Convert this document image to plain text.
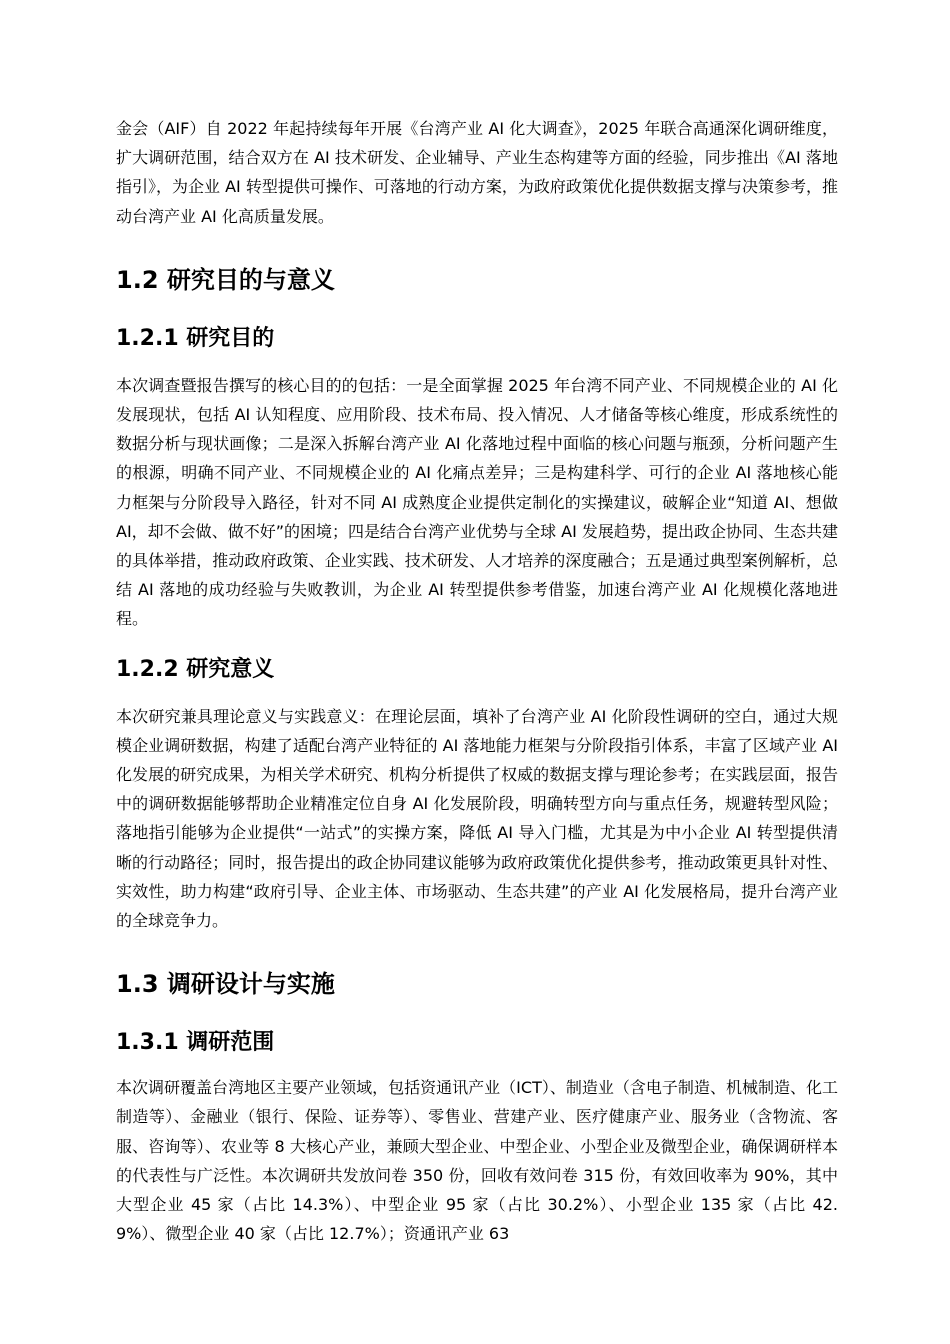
金会（AIF）自 2022 年起持续每年开展《台湾产业 AI 化大调查》，2025 年联合高通深化调研维度，扩大调研范围，结合双方在 AI 技术研发、企业辅导、产业生态构建等方面的经验，同步推出《AI 落地指引》，为企业 AI 转型提供可操作、可落地的行动方案，为政府政策优化提供数据支撑与决策参考，推动台湾产业 AI 化高质量发展。

1.2 研究目的与意义
1.2.1 研究目的

本次调查暨报告撰写的核心目的的包括：一是全面掌握 2025 年台湾不同产业、不同规模企业的 AI 化发展现状，包括 AI 认知程度、应用阶段、技术布局、投入情况、人才储备等核心维度，形成系统性的数据分析与现状画像；二是深入拆解台湾产业 AI 化落地过程中面临的核心问题与瓶颈，分析问题产生的根源，明确不同产业、不同规模企业的 AI 化痛点差异；三是构建科学、可行的企业 AI 落地核心能力框架与分阶段导入路径，针对不同 AI 成熟度企业提供定制化的实操建议，破解企业“知道 AI、想做 AI，却不会做、做不好”的困境；四是结合台湾产业优势与全球 AI 发展趋势，提出政企协同、生态共建的具体举措，推动政府政策、企业实践、技术研发、人才培养的深度融合；五是通过典型案例解析，总结 AI 落地的成功经验与失败教训，为企业 AI 转型提供参考借鉴，加速台湾产业 AI 化规模化落地进程。

1.2.2 研究意义

本次研究兼具理论意义与实践意义：在理论层面，填补了台湾产业 AI 化阶段性调研的空白，通过大规模企业调研数据，构建了适配台湾产业特征的 AI 落地能力框架与分阶段指引体系，丰富了区域产业 AI 化发展的研究成果，为相关学术研究、机构分析提供了权威的数据支撑与理论参考；在实践层面，报告中的调研数据能够帮助企业精准定位自身 AI 化发展阶段，明确转型方向与重点任务，规避转型风险；落地指引能够为企业提供“一站式”的实操方案，降低 AI 导入门槛，尤其是为中小企业 AI 转型提供清晰的行动路径；同时，报告提出的政企协同建议能够为政府政策优化提供参考，推动政策更具针对性、实效性，助力构建“政府引导、企业主体、市场驱动、生态共建”的产业 AI 化发展格局，提升台湾产业的全球竞争力。

1.3 调研设计与实施
1.3.1 调研范围

本次调研覆盖台湾地区主要产业领域，包括资通讯产业（ICT）、制造业（含电子制造、机械制造、化工制造等）、金融业（银行、保险、证券等）、零售业、营建产业、医疗健康产业、服务业（含物流、客服、咨询等）、农业等 8 大核心产业，兼顾大型企业、中型企业、小型企业及微型企业，确保调研样本的代表性与广泛性。本次调研共发放问卷 350 份，回收有效问卷 315 份，有效回收率为 90%，其中大型企业 45 家（占比 14.3%）、中型企业 95 家（占比 30.2%）、小型企业 135 家（占比 42.9%）、微型企业 40 家（占比 12.7%）；资通讯产业 63
